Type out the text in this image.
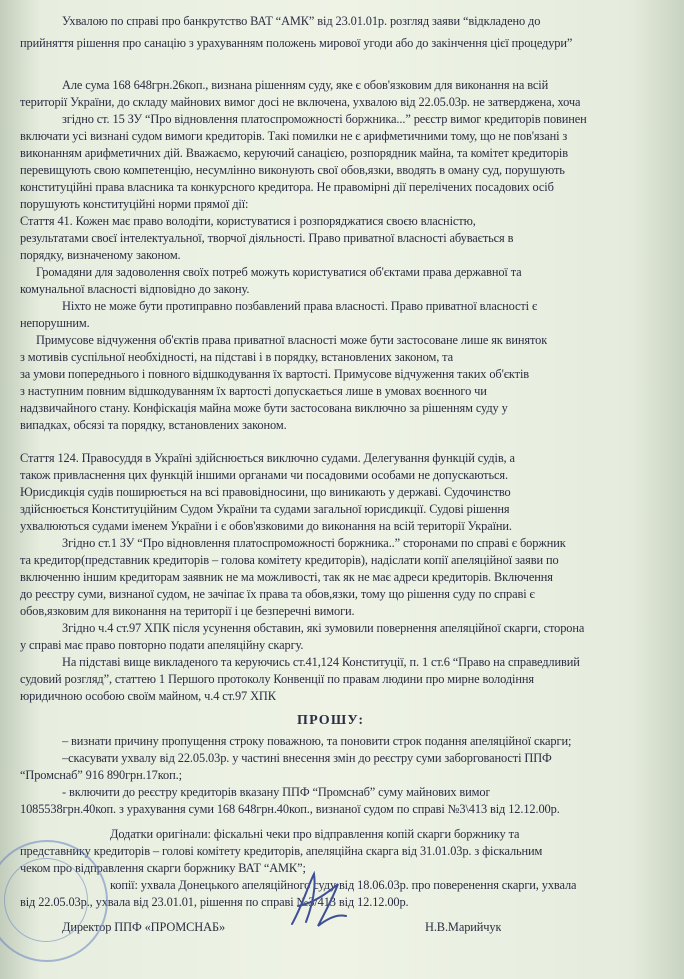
Ухвалою по справі про банкрутство ВАТ “АМК” від 23.01.01р. розгляд заяви “відкладено до

прийняття рішення про санацію з урахуванням положень мирової угоди або до закінчення цієї процедури”

Але сума 168 648грн.26коп., визнана рішенням суду, яке є обов'язковим для виконання на всій

території України, до складу майнових вимог досі не включена, ухвалою від 22.05.03р. не затверджена, хоча

згідно ст. 15 ЗУ “Про відновлення платоспроможності боржника...” реєстр вимог кредиторів повинен

включати усі визнані судом вимоги кредиторів. Такі помилки не є арифметичними тому, що не пов'язані з

виконанням арифметичних дій. Вважаємо, керуючий санацією, розпорядник майна, та комітет кредиторів

перевищують свою компетенцію, несумлінно виконують свої обов,язки, вводять в оману суд, порушують

конституційні права власника та конкурсного кредитора. Не правомірні дії перелічених посадових осіб

порушують конституційні норми прямої дії:

Стаття 41. Кожен має право володіти, користуватися і розпоряджатися своєю власністю,

результатами своєї інтелектуальної, творчої діяльності. Право приватної власності абувається в

порядку, визначеному законом.

Громадяни для задоволення своїх потреб можуть користуватися об'єктами права державної та

комунальної власності відповідно до закону.

Ніхто не може бути протиправно позбавлений права власності. Право приватної власності є

непорушним.

Примусове відчуження об'єктів права приватної власності може бути застосоване лише як виняток

з мотивів суспільної необхідності, на підставі і в порядку, встановлених законом, та

за умови попереднього і повного відшкодування їх вартості. Примусове відчуження таких об'єктів

з наступним повним відшкодуванням їх вартості допускається лише в умовах воєнного чи

надзвичайного стану. Конфіскація майна може бути застосована виключно за рішенням суду у

випадках, обсязі та порядку, встановлених законом.

Стаття 124. Правосуддя в Україні здійснюється виключно судами. Делегування функцій судів, а

також привласнення цих функцій іншими органами чи посадовими особами не допускаються.

Юрисдикція судів поширюється на всі правовідносини, що виникають у державі. Судочинство

здійснюється Конституційним Судом України та судами загальної юрисдикції. Судові рішення

ухвалюються судами іменем України і є обов'язковими до виконання на всій території України.

Згідно ст.1 ЗУ “Про відновлення платоспроможності боржника..” сторонами по справі є боржник

та кредитор(представник кредиторів – голова комітету кредиторів), надіслати копії апеляційної заяви по

включенню іншим кредиторам заявник не ма можливості, так як не має адреси кредиторів. Включення

до реєстру суми, визнаної судом, не зачіпає їх права та обов,язки, тому що рішення суду по справі є

обов,язковим для виконання на території і це безперечні вимоги.

Згідно ч.4 ст.97 ХПК після усунення обставин, які зумовили повернення апеляційної скарги, сторона

у справі має право повторно подати апеляційну скаргу.

На підставі вище викладеного та керуючись ст.41,124 Конституції, п. 1 ст.6 “Право на справедливий

судовий розгляд”, статтею 1 Першого протоколу Конвенції по правам людини про мирне володіння

юридичною особою своїм майном, ч.4 ст.97 ХПК

ПРОШУ:

– визнати причину пропущення строку поважною, та поновити строк подання апеляційної скарги;

–скасувати ухвалу від 22.05.03р. у частині внесення змін до реєстру суми заборгованості ППФ

“Промснаб” 916 890грн.17коп.;

- включити до реєстру кредиторів вказану ППФ “Промснаб” суму майнових вимог

1085538грн.40коп. з урахування суми 168 648грн.40коп., визнаної судом по справі №3\413 від 12.12.00р.

Додатки оригінали: фіскальні чеки про відправлення копій скарги боржнику та

представнику кредиторів – голові комітету кредиторів, апеляційна скарга від 31.01.03р. з фіскальним

чеком про відправлення скарги боржнику ВАТ “АМК”;

копії: ухвала Донецького апеляційного суду від 18.06.03р. про поверенення скарги, ухвала

від 22.05.03р., ухвала від 23.01.01, рішення по справі №3/413 від 12.12.00р.

Директор ППФ «ПРОМСНАБ»	Н.В.Марийчук
